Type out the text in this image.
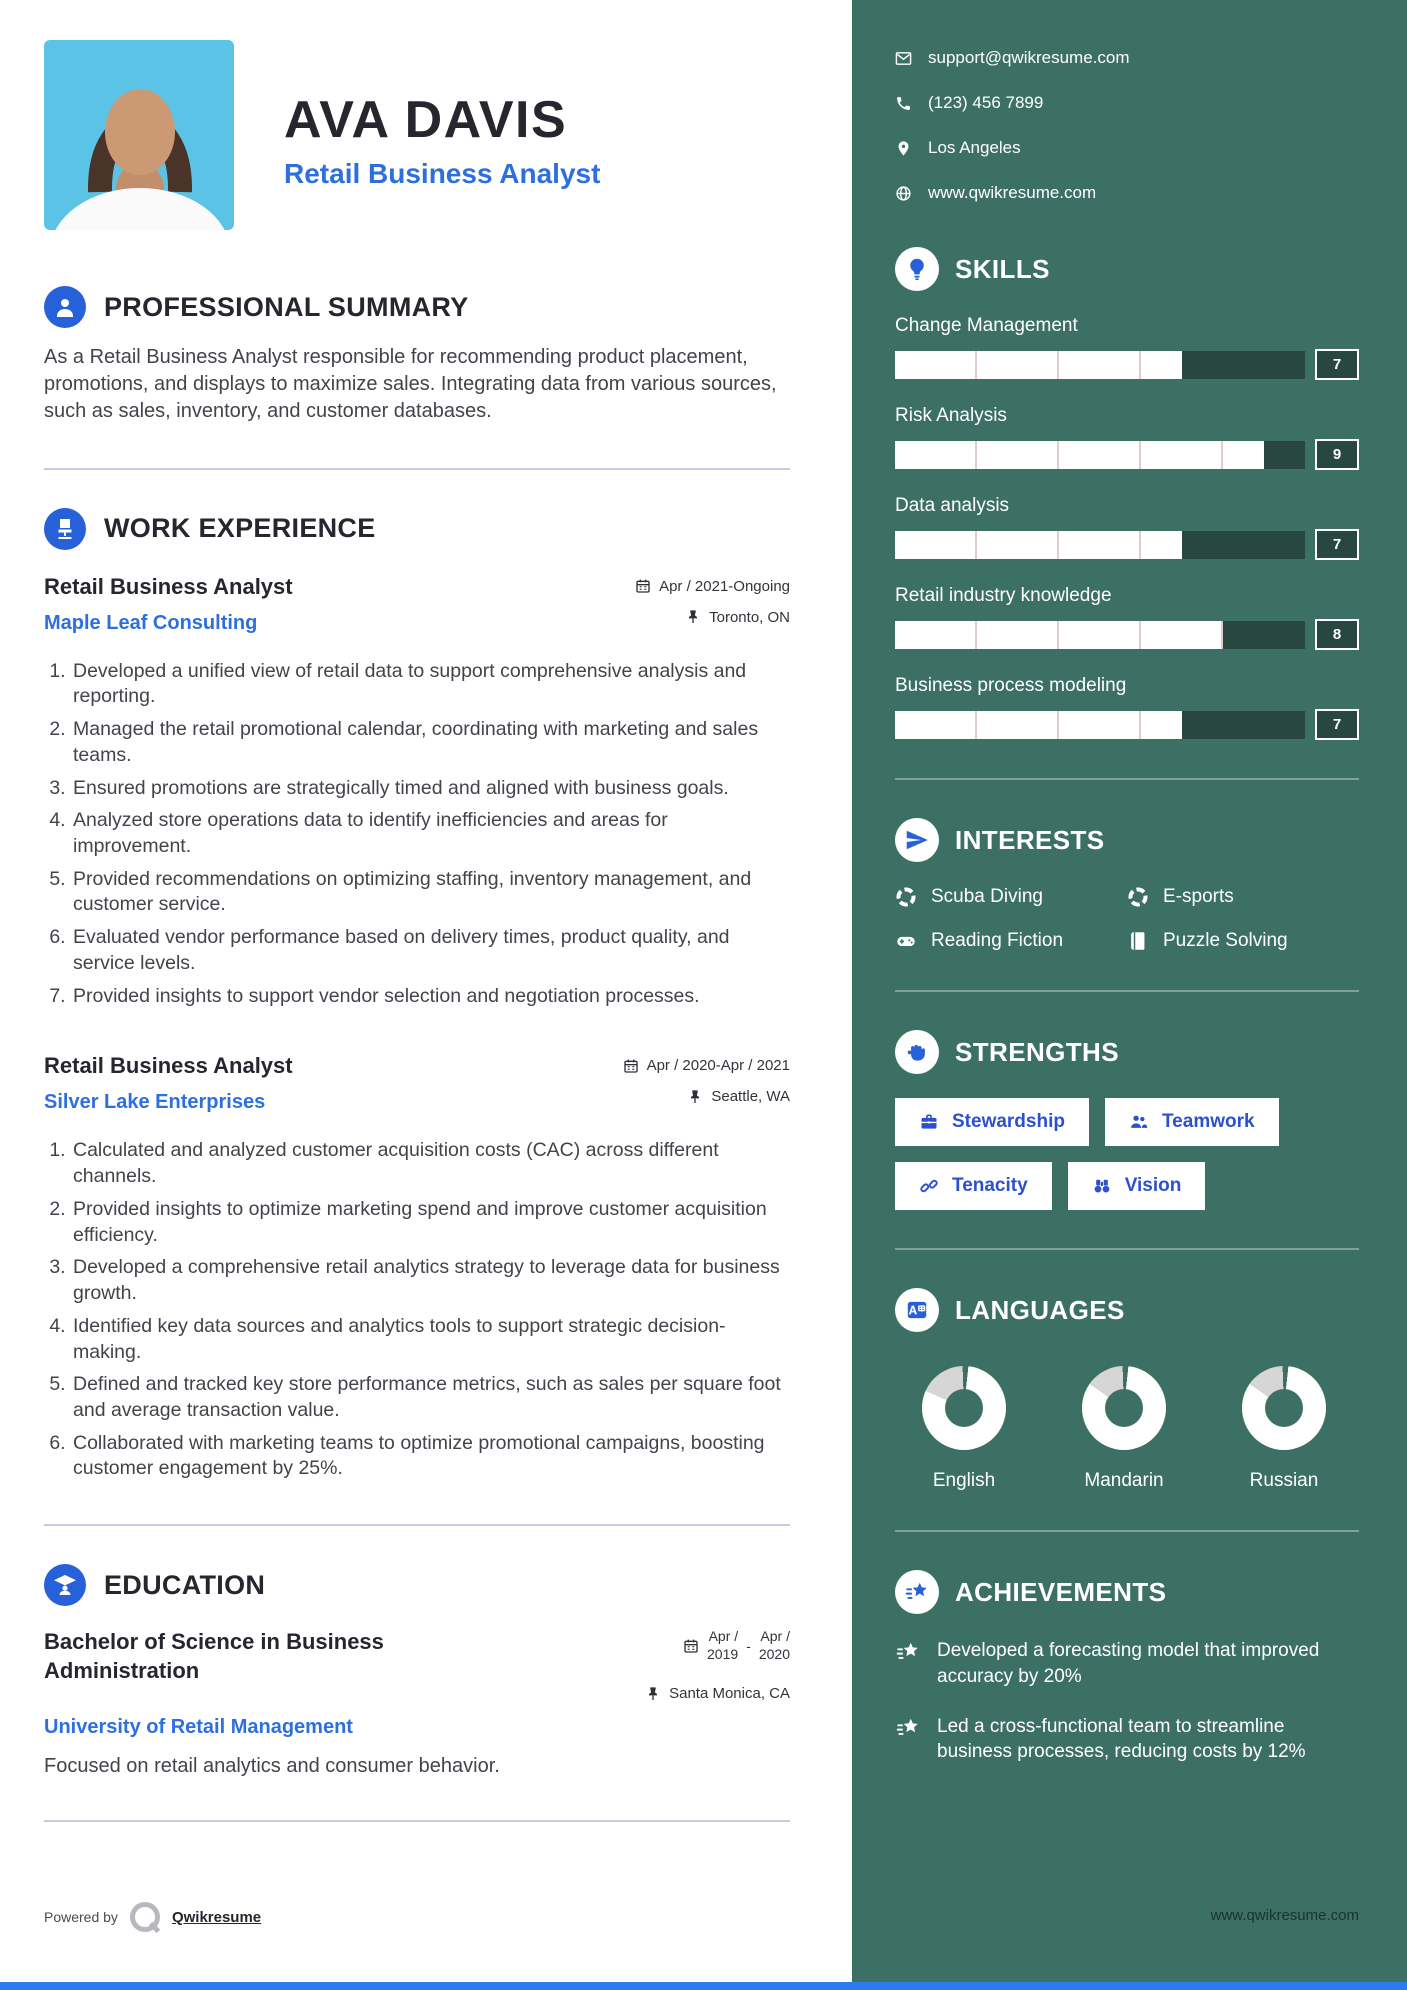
AVA DAVIS
Retail Business Analyst
PROFESSIONAL SUMMARY

As a Retail Business Analyst responsible for recommending product placement, promotions, and displays to maximize sales. Integrating data from various sources, such as sales, inventory, and customer databases.

WORK EXPERIENCE
Retail Business Analyst
Maple Leaf Consulting
Apr / 2021-Ongoing
Toronto, ON
1. Developed a unified view of retail data to support comprehensive analysis and reporting.
2. Managed the retail promotional calendar, coordinating with marketing and sales teams.
3. Ensured promotions are strategically timed and aligned with business goals.
4. Analyzed store operations data to identify inefficiencies and areas for improvement.
5. Provided recommendations on optimizing staffing, inventory management, and customer service.
6. Evaluated vendor performance based on delivery times, product quality, and service levels.
7. Provided insights to support vendor selection and negotiation processes.
Retail Business Analyst
Silver Lake Enterprises
Apr / 2020-Apr / 2021
Seattle, WA
1. Calculated and analyzed customer acquisition costs (CAC) across different channels.
2. Provided insights to optimize marketing spend and improve customer acquisition efficiency.
3. Developed a comprehensive retail analytics strategy to leverage data for business growth.
4. Identified key data sources and analytics tools to support strategic decision-making.
5. Defined and tracked key store performance metrics, such as sales per square foot and average transaction value.
6. Collaborated with marketing teams to optimize promotional campaigns, boosting customer engagement by 25%.
EDUCATION
Bachelor of Science in Business Administration
Apr /
2019 -
Apr /
2020
Santa Monica, CA
University of Retail Management
Focused on retail analytics and consumer behavior.
Powered by	Qwikresume
support@qwikresume.com
(123) 456 7899
Los Angeles
www.qwikresume.com
SKILLS
Change Management
7
Risk Analysis
9
Data analysis
7
Retail industry knowledge
8
Business process modeling
7
INTERESTS
Scuba Diving	E-sports
Reading Fiction	Puzzle Solving
STRENGTHS
Stewardship	Teamwork
Tenacity	Vision
LANGUAGES
English	Mandarin	Russian
ACHIEVEMENTS
Developed a forecasting model that improved accuracy by 20%
Led a cross-functional team to streamline business processes, reducing costs by 12%
www.qwikresume.com
